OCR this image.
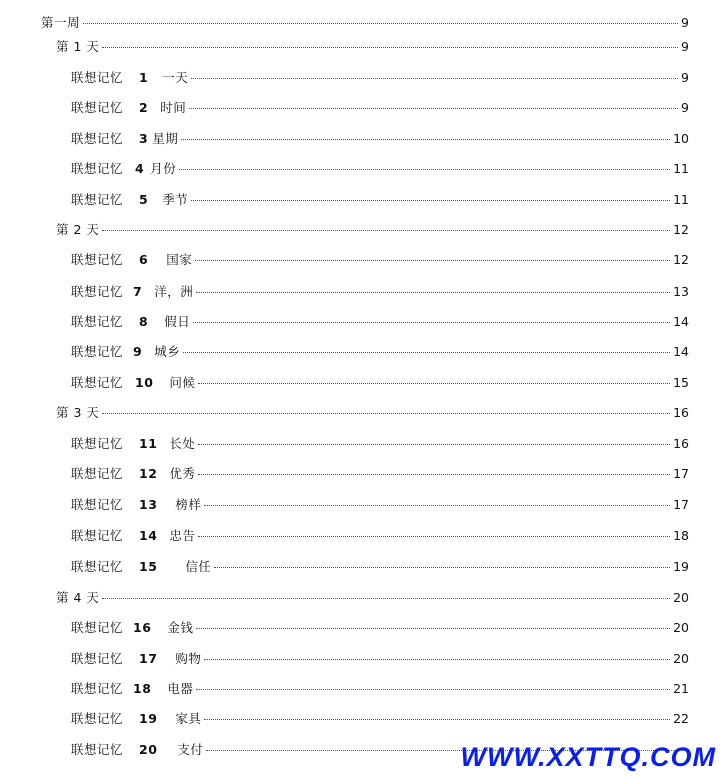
第一周	9
第 1 天	9
联想记忆 1 一天	9
联想记忆 2 时间	9
联想记忆 3 星期	10
联想记忆 4 月份	11
联想记忆 5 季节	11
第 2 天	12
联想记忆 6 国家	12
联想记忆 7 洋，洲	13
联想记忆 8 假日	14
联想记忆 9 城乡	14
联想记忆 10 问候	15
第 3 天	16
联想记忆 11 长处	16
联想记忆 12 优秀	17
联想记忆 13 榜样	17
联想记忆 14 忠告	18
联想记忆 15 信任	19
第 4 天	20
联想记忆 16 金钱	20
联想记忆 17 购物	20
联想记忆 18 电器	21
联想记忆 19 家具	22
联想记忆 20 支付	WWW.XXTTQ.COM
